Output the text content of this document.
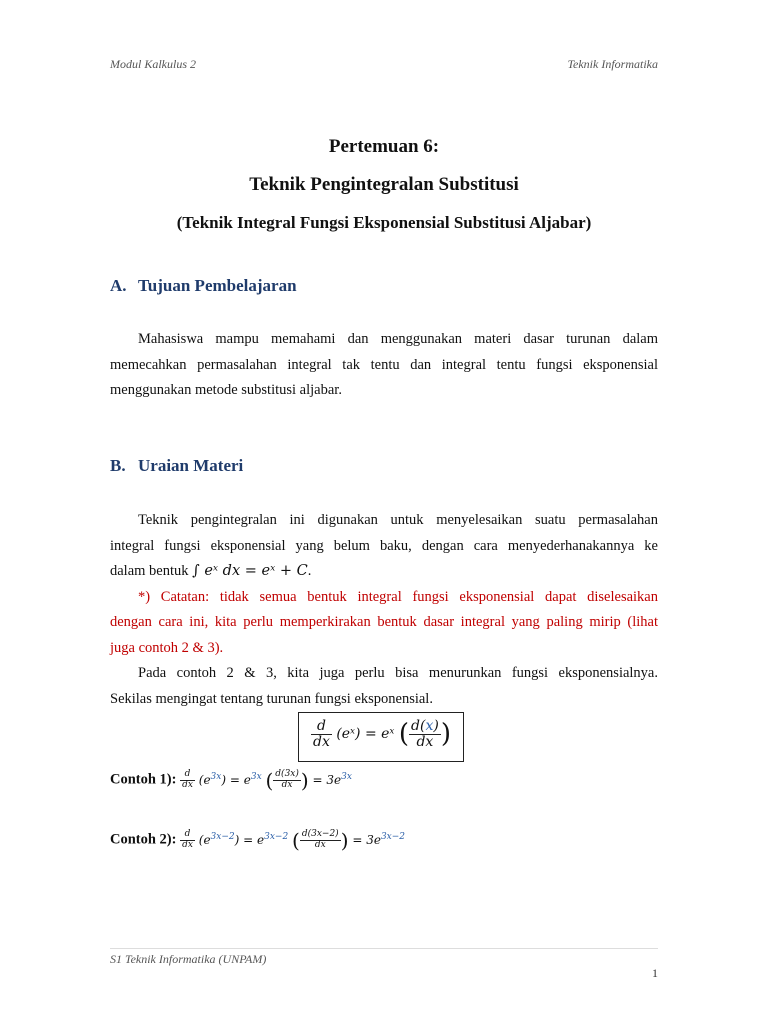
Modul Kalkulus 2	Teknik Informatika
Pertemuan 6:
Teknik Pengintegralan Substitusi
(Teknik Integral Fungsi Eksponensial Substitusi Aljabar)
A. Tujuan Pembelajaran
Mahasiswa mampu memahami dan menggunakan materi dasar turunan dalam
memecahkan permasalahan integral tak tentu dan integral tentu fungsi eksponensial
menggunakan metode substitusi aljabar.
B. Uraian Materi
Teknik pengintegralan ini digunakan untuk menyelesaikan suatu permasalahan
integral fungsi eksponensial yang belum baku, dengan cara menyederhanakannya ke
dalam bentuk ∫ eˣ dx = eˣ + C.
*) Catatan: tidak semua bentuk integral fungsi eksponensial dapat diselesaikan
dengan cara ini, kita perlu memperkirakan bentuk dasar integral yang paling mirip (lihat
juga contoh 2 & 3).
Pada contoh 2 & 3, kita juga perlu bisa menurunkan fungsi eksponensialnya.
Sekilas mengingat tentang turunan fungsi eksponensial.
$\frac{d}{dx}$ (eˣ) = eˣ ( $\frac{d(x)}{dx}$ )
Contoh 1): $\frac{d}{dx} (e^{3x}) = e^{3x}$ ( $\frac{d(3x)}{dx}$ ) = $3e^{3x}$
Contoh 2): $\frac{d}{dx} (e^{3x-2}) = e^{3x-2}$ ( $\frac{d(3x-2)}{dx}$ ) = $3e^{3x-2}$
S1 Teknik Informatika (UNPAM)
1
